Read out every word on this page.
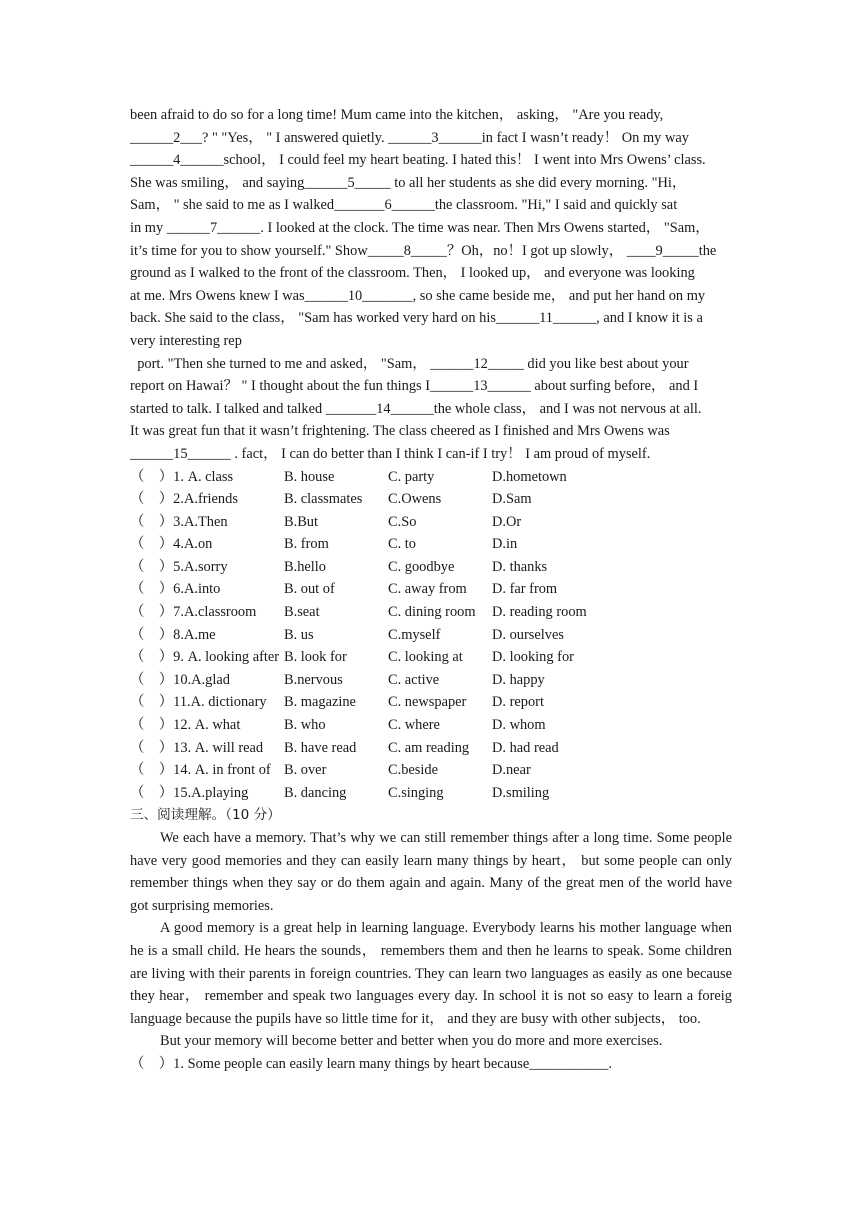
been afraid to do so for a long time! Mum came into the kitchen， asking， "Are you ready,

______2___? " "Yes， " I answered quietly. ______3______in fact I wasn’t ready！ On my way

______4______school， I could feel my heart beating. I hated this！ I went into Mrs Owens’ class.

She was smiling， and saying______5_____ to all her students as she did every morning. "Hi，

Sam， " she said to me as I walked_______6______the classroom. "Hi," I said and quickly sat

in my ______7______. I looked at the clock. The time was near. Then Mrs Owens started， "Sam，

it’s time for you to show yourself." Show_____8_____？Oh，no！I got up slowly， ____9_____the

ground as I walked to the front of the classroom. Then， I looked up， and everyone was looking

at me. Mrs Owens knew I was______10_______, so she came beside me， and put her hand on my

back. She said to the class， "Sam has worked very hard on his______11______, and I know it is a

very interesting rep

port. "Then she turned to me and asked， "Sam， ______12_____ did you like best about your

report on Hawai？ " I thought about the fun things I______13______ about surfing before， and I

started to talk. I talked and talked _______14______the whole class， and I was not nervous at all.

It was great fun that it wasn’t frightening. The class cheered as I finished and Mrs Owens was

______15______ . fact， I can do better than I think I can-if I try！ I am proud of myself.

（　）1. A. class	B. house	C. party	D.hometown
（　）2.A.friends	B. classmates	C.Owens	D.Sam
（　）3.A.Then	B.But	C.So	D.Or
（　）4.A.on	B. from	C. to	D.in
（　）5.A.sorry	B.hello	C. goodbye	D. thanks
（　）6.A.into	B. out of	C. away from	D. far from
（　）7.A.classroom	B.seat	C. dining room	D. reading room
（　）8.A.me	B. us	C.myself	D. ourselves
（　）9. A. looking after B. look for	C. looking at	D. looking for
（　）10.A.glad	B.nervous	C. active	D. happy
（　）11.A. dictionary	B. magazine	C. newspaper	D. report
（　）12. A. what	B. who	C. where	D. whom
（　）13. A. will read	B. have read	C. am reading	D. had read
（　）14. A. in front of B. over	C.beside	D.near
（　）15.A.playing	B. dancing	C.singing	D.smiling

三、阅读理解。（10 分）

We each have a memory. That’s why we can still remember things after a long time. Some people have very good memories and they can easily learn many things by heart， but some people can only remember things when they say or do them again and again. Many of the great men of the world have got surprising memories.

A good memory is a great help in learning language. Everybody learns his mother language when he is a small child. He hears the sounds， remembers them and then he learns to speak. Some children are living with their parents in foreign countries. They can learn two languages as easily as one because they hear， remember and speak two languages every day. In school it is not so easy to learn a foreig language because the pupils have so little time for it， and they are busy with other subjects， too.

But your memory will become better and better when you do more and more exercises.

（　）1. Some people can easily learn many things by heart because___________.
